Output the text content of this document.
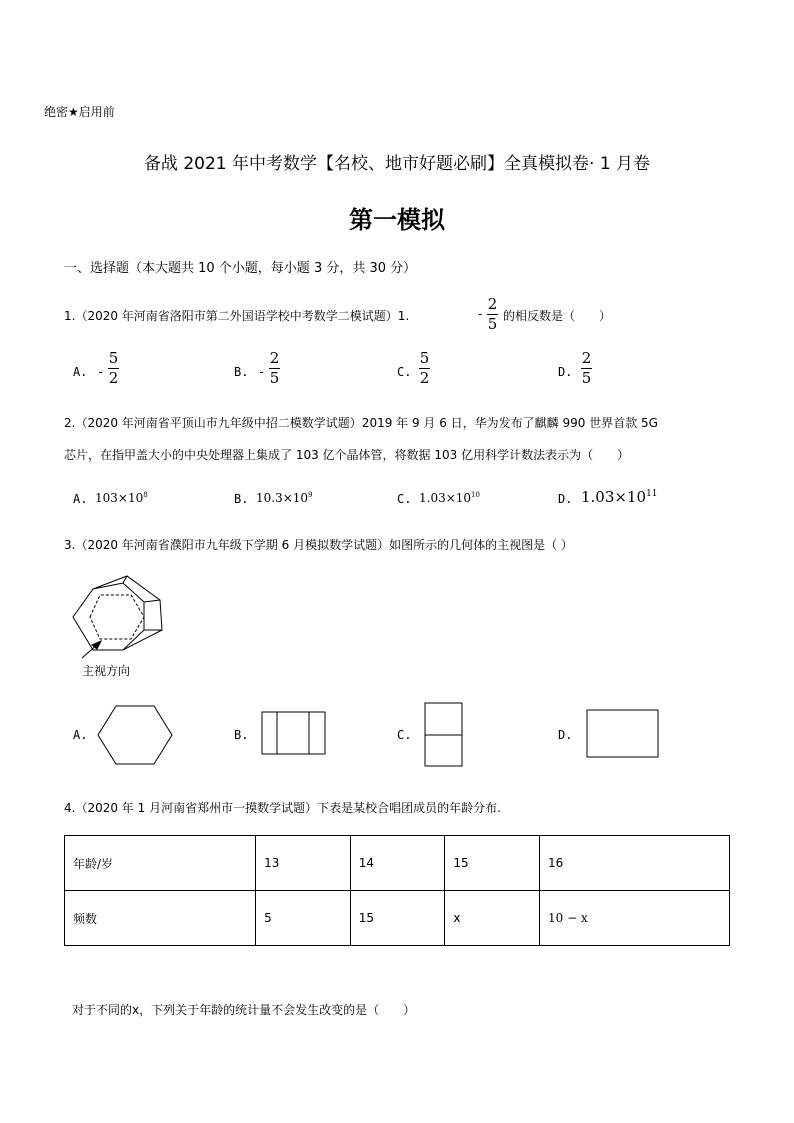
绝密★启用前
备战 2021 年中考数学【名校、地市好题必刷】全真模拟卷· 1 月卷
第一模拟
一、选择题（本大题共 10 个小题，每小题 3 分，共 30 分）
1.（2020 年河南省洛阳市第二外国语学校中考数学二模试题）1.	-
2
5 的相反数是（　　）
A. -
5
2	B. -
2
5	C.
5
2	D.
2
5
2.（2020 年河南省平顶山市九年级中招二模数学试题）2019 年 9 月 6 日，华为发布了麒麟 990 世界首款 5G
芯片，在指甲盖大小的中央处理器上集成了 103 亿个晶体管，将数据 103 亿用科学计数法表示为（　　）
A. $103\times 10^8$	B. $10.3\times 10^9$	C. $1.03\times 10^{10}$	D. $1.03\times 10^{11}$
3.（2020 年河南省濮阳市九年级下学期 6 月模拟数学试题）如图所示的几何体的主视图是（ ）
主视方向
A.	B.	C.	D.
4.（2020 年 1 月河南省郑州市一摸数学试题）下表是某校合唱团成员的年龄分布.
年龄/岁	13	14	15	16
频数	5	15	x	10 − x
对于不同的x，下列关于年龄的统计量不会发生改变的是（　　）
